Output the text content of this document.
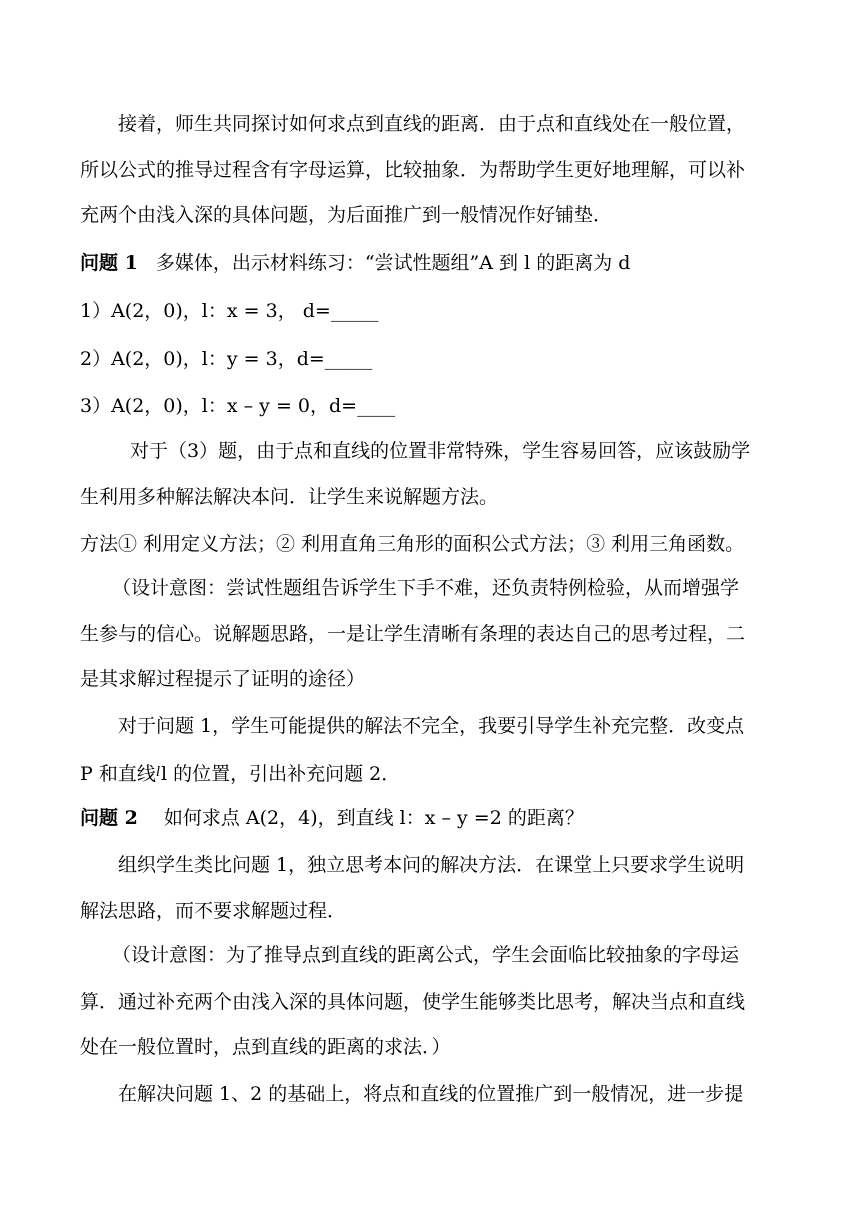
接着，师生共同探讨如何求点到直线的距离．由于点和直线处在一般位置，
所以公式的推导过程含有字母运算，比较抽象．为帮助学生更好地理解，可以补
充两个由浅入深的具体问题，为后面推广到一般情况作好铺垫．
问题 1 多媒体，出示材料练习：“尝试性题组”A 到 l 的距离为 d
1）A(2，0)，l：x = 3， d=_____
2）A(2，0)，l：y = 3，d=_____
3）A(2，0)，l：x – y = 0，d=____
对于（3）题，由于点和直线的位置非常特殊，学生容易回答，应该鼓励学
生利用多种解法解决本问．让学生来说解题方法。
方法① 利用定义方法；② 利用直角三角形的面积公式方法；③ 利用三角函数。
（设计意图：尝试性题组告诉学生下手不难，还负责特例检验，从而增强学
生参与的信心。说解题思路，一是让学生清晰有条理的表达自己的思考过程，二
是其求解过程提示了证明的途径）
对于问题 1，学生可能提供的解法不完全，我要引导学生补充完整．改变点
P 和直线$^l$l 的位置，引出补充问题 2．
问题 2 如何求点 A(2，4)，到直线 l：x – y =2 的距离？
组织学生类比问题 1，独立思考本问的解决方法．在课堂上只要求学生说明
解法思路，而不要求解题过程．
（设计意图：为了推导点到直线的距离公式，学生会面临比较抽象的字母运
算．通过补充两个由浅入深的具体问题，使学生能够类比思考，解决当点和直线
处在一般位置时，点到直线的距离的求法．）
在解决问题 1、2 的基础上，将点和直线的位置推广到一般情况，进一步提
